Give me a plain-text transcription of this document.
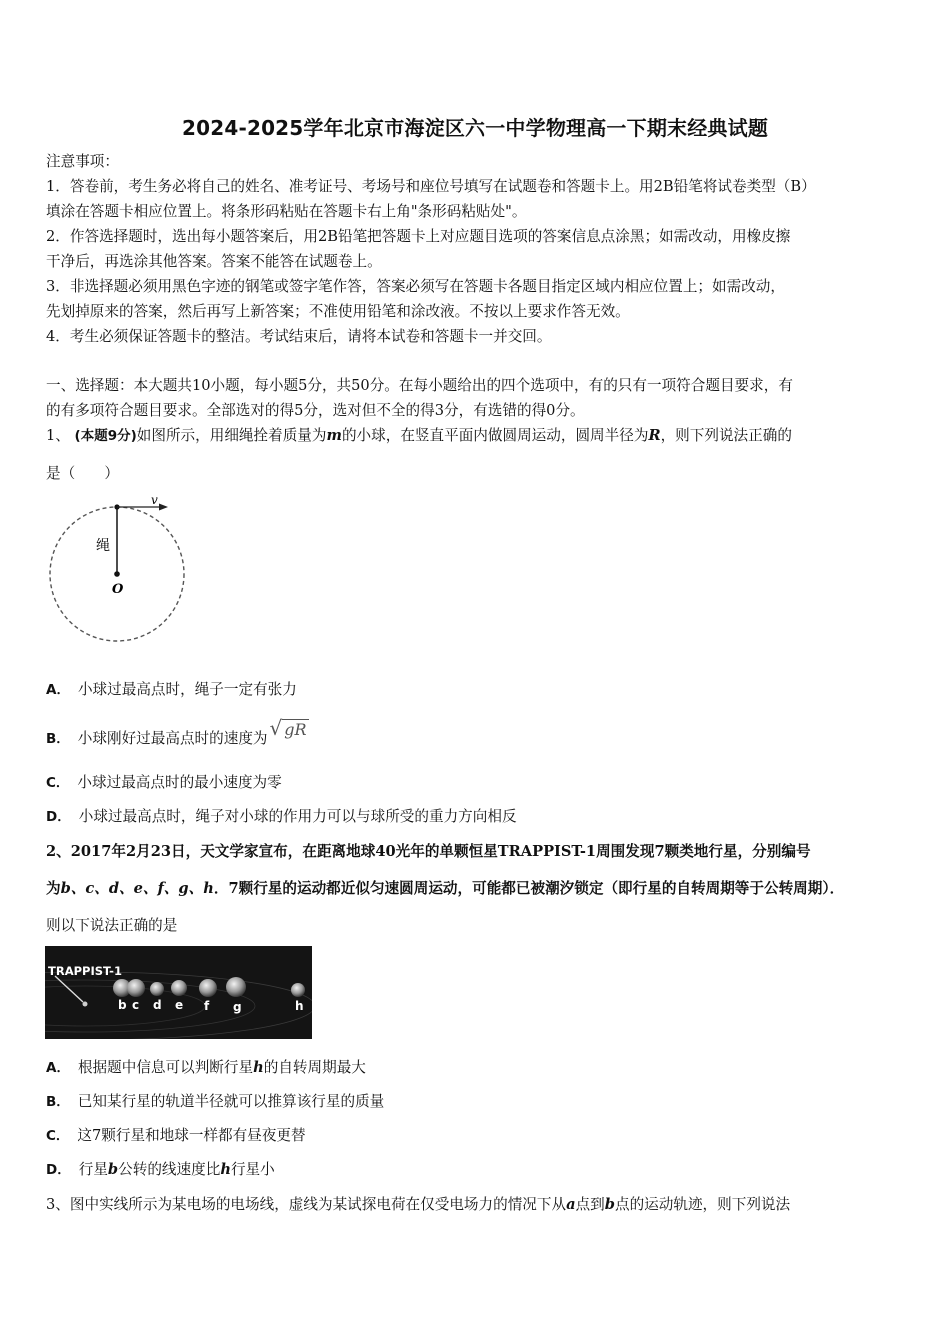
2024-2025学年北京市海淀区六一中学物理高一下期末经典试题
注意事项：
1．答卷前，考生务必将自己的姓名、准考证号、考场号和座位号填写在试题卷和答题卡上。用2B铅笔将试卷类型（B）
填涂在答题卡相应位置上。将条形码粘贴在答题卡右上角"条形码粘贴处"。
2．作答选择题时，选出每小题答案后，用2B铅笔把答题卡上对应题目选项的答案信息点涂黑；如需改动，用橡皮擦
干净后，再选涂其他答案。答案不能答在试题卷上。
3．非选择题必须用黑色字迹的钢笔或签字笔作答，答案必须写在答题卡各题目指定区域内相应位置上；如需改动，
先划掉原来的答案，然后再写上新答案；不准使用铅笔和涂改液。不按以上要求作答无效。
4．考生必须保证答题卡的整洁。考试结束后，请将本试卷和答题卡一并交回。
一、选择题：本大题共10小题，每小题5分，共50分。在每小题给出的四个选项中，有的只有一项符合题目要求，有
的有多项符合题目要求。全部选对的得5分，选对但不全的得3分，有选错的得0分。
1、 (本题9分)如图所示，用细绳拴着质量为m的小球，在竖直平面内做圆周运动，圆周半径为R，则下列说法正确的
是（　　）
v
绳
O
A． 小球过最高点时，绳子一定有张力
B． 小球刚好过最高点时的速度为 √ gR
C． 小球过最高点时的最小速度为零
D． 小球过最高点时，绳子对小球的作用力可以与球所受的重力方向相反
2、2017年2月23日，天文学家宣布，在距离地球40光年的单颗恒星TRAPPIST-1周围发现7颗类地行星，分别编号
为b、c、d、e、f、g、h．7颗行星的运动都近似匀速圆周运动，可能都已被潮汐锁定（即行星的自转周期等于公转周期）．
则以下说法正确的是
TRAPPIST-1
b c d e f g	h
A． 根据题中信息可以判断行星h的自转周期最大
B． 已知某行星的轨道半径就可以推算该行星的质量
C． 这7颗行星和地球一样都有昼夜更替
D． 行星b公转的线速度比h行星小
3、图中实线所示为某电场的电场线，虚线为某试探电荷在仅受电场力的情况下从a点到b点的运动轨迹，则下列说法
